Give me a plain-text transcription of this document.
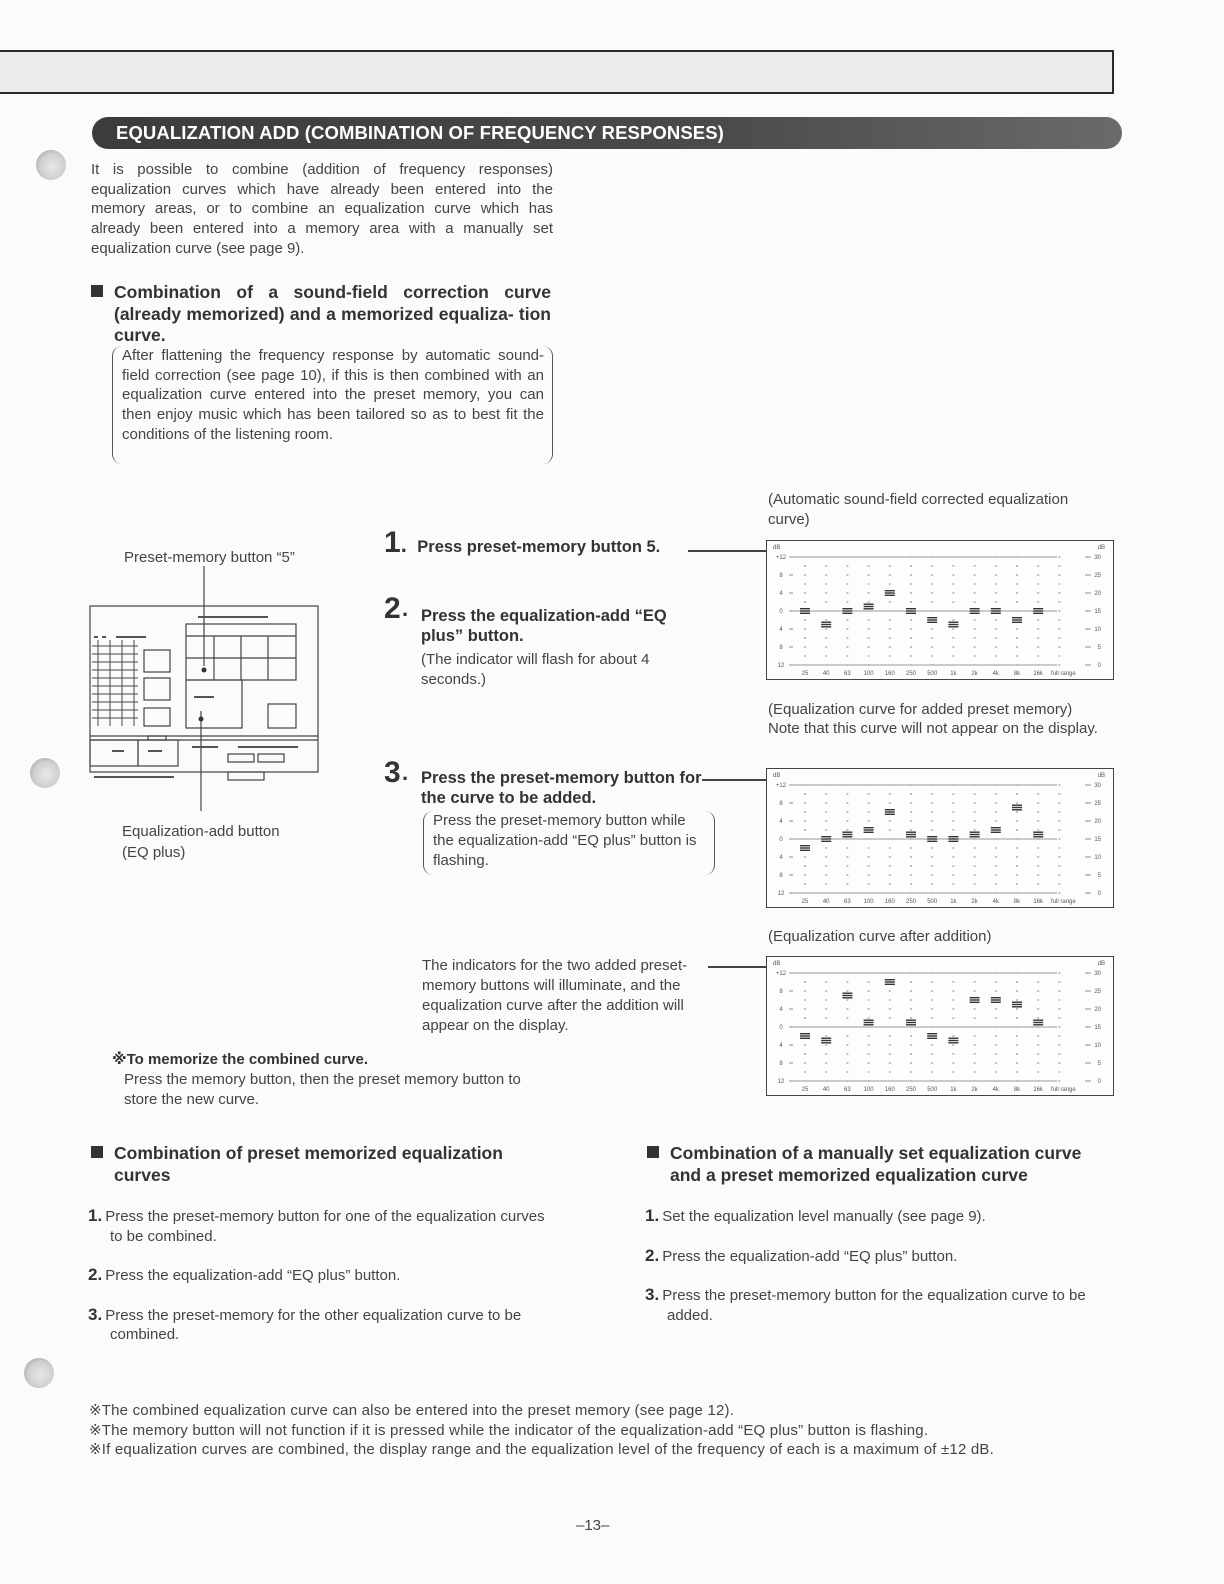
EQUALIZATION ADD (COMBINATION OF FREQUENCY RESPONSES)

It is possible to combine (addition of frequency responses) equalization curves which have already been entered into the memory areas, or to combine an equalization curve which has already been entered into a memory area with a manually set equalization curve (see page 9).

Combination of a sound-field correction curve (already memorized) and a memorized equaliza- tion curve.
After flattening the frequency response by automatic sound-field correction (see page 10), if this is then combined with an equalization curve entered into the preset memory, you can then enjoy music which has been tailored so as to best fit the conditions of the listening room.
Preset-memory button “5”
Equalization-add button
(EQ plus)
1. Press preset-memory button 5.
2 . Press the equalization-add “EQ plus” button.
(The indicator will flash for about 4 seconds.)
3 . Press the preset-memory button for the curve to be added.
Press the preset-memory button while the equalization-add “EQ plus” button is flashing.
The indicators for the two added preset- memory buttons will illuminate, and the equalization curve after the addition will appear on the display.
※To memorize the combined curve.
Press the memory button, then the preset memory button to store the new curve.
(Automatic sound-field corrected equalization curve)
(Equalization curve for added preset memory)
Note that this curve will not appear on the display.
(Equalization curve after addition)
dB	dB
+12
8
4
0
4
8
12
30
25
20
15
10
5
0
25 40 63 100 160 250 500 1k 2k 4k 8k 16k full range
dB	dB
+12
8
4
0
4
8
12
30
25
20
15
10
5
0
25 40 63 100 160 250 500 1k 2k 4k 8k 16k full range
dB	dB
+12
8
4
0
4
8
12
30
25
20
15
10
5
0
25 40 63 100 160 250 500 1k 2k 4k 8k 16k full range
Combination of preset memorized equalization curves
1. Press the preset-memory button for one of the equalization curves to be combined.
2. Press the equalization-add “EQ plus” button.
3. Press the preset-memory for the other equalization curve to be combined.
Combination of a manually set equalization curve and a preset memorized equalization curve
1. Set the equalization level manually (see page 9).
2. Press the equalization-add “EQ plus” button.
3. Press the preset-memory button for the equalization curve to be added.
※The combined equalization curve can also be entered into the preset memory (see page 12).
※The memory button will not function if it is pressed while the indicator of the equalization-add “EQ plus” button is flashing.
※If equalization curves are combined, the display range and the equalization level of the frequency of each is a maximum of ±12 dB.
–13–
